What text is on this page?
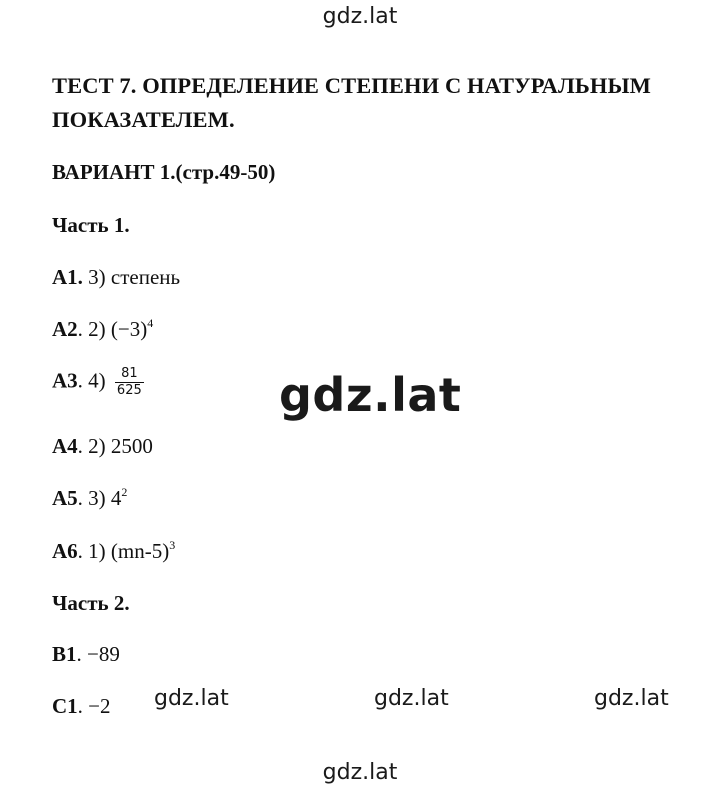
gdz.lat
ТЕСТ 7. ОПРЕДЕЛЕНИЕ СТЕПЕНИ С НАТУРАЛЬНЫМ ПОКАЗАТЕЛЕМ.
ВАРИАНТ 1.(стр.49-50)
Часть 1.
А1. 3) степень
А2. 2) $(-3)^4$
А3. $4) \frac{81}{625}$
А4. 2) 2500
А5. 3) $4^2$
А6. 1) $(mn-5)^3$
Часть 2.
В1. −89
С1. −2
gdz.lat
gdz.lat	gdz.lat	gdz.lat
gdz.lat
